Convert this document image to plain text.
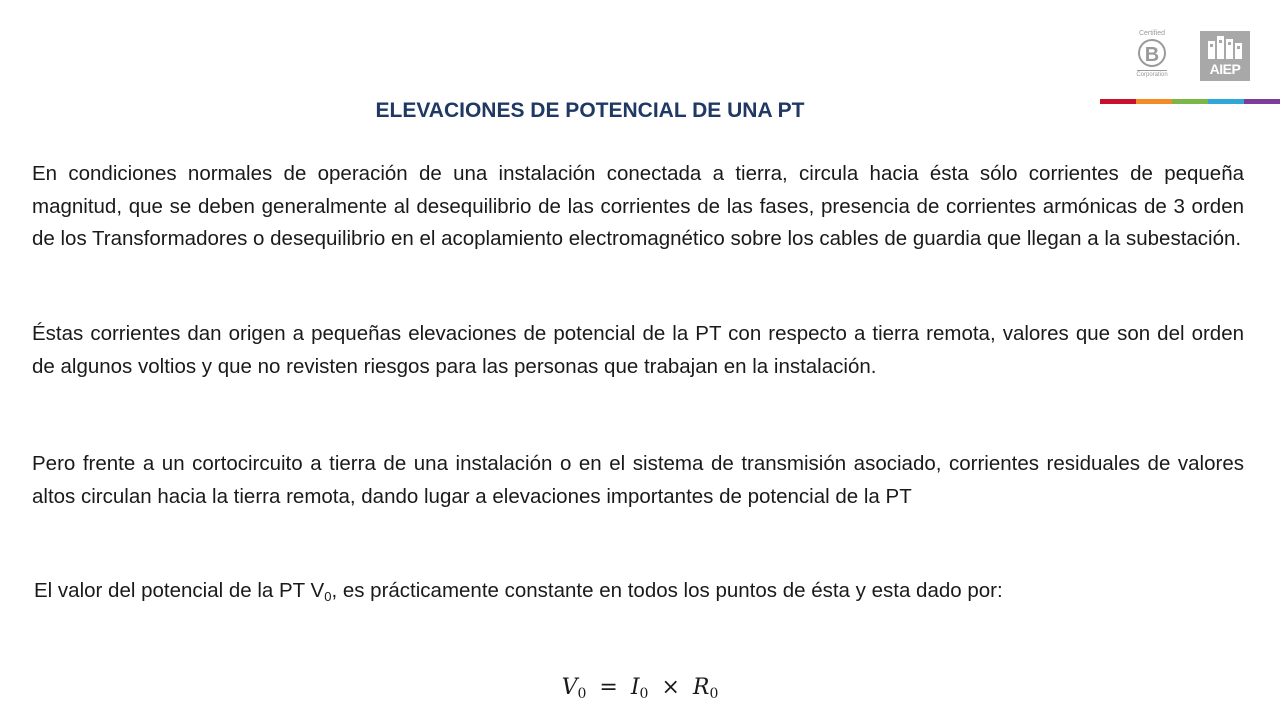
Certified
B
Corporation	AIEP
ELEVACIONES DE POTENCIAL DE UNA PT

En condiciones normales de operación de una instalación conectada a tierra, circula hacia ésta sólo corrientes de pequeña magnitud, que se deben generalmente al desequilibrio de las corrientes de las fases, presencia de corrientes armónicas de 3 orden de los Transformadores o desequilibrio en el acoplamiento electromagnético sobre los cables de guardia que llegan a la subestación.

Éstas corrientes dan origen a pequeñas elevaciones de potencial de la PT con respecto a tierra remota, valores que son del orden de algunos voltios y que no revisten riesgos para las personas que trabajan en la instalación.

Pero frente a un cortocircuito a tierra de una instalación o en el sistema de transmisión asociado, corrientes residuales de valores altos circulan hacia la tierra remota, dando lugar a elevaciones importantes de potencial de la PT

El valor del potencial de la PT $V_0$, es prácticamente constante en todos los puntos de ésta y esta dado por:

$V_0 = I_0 \times R_0$
